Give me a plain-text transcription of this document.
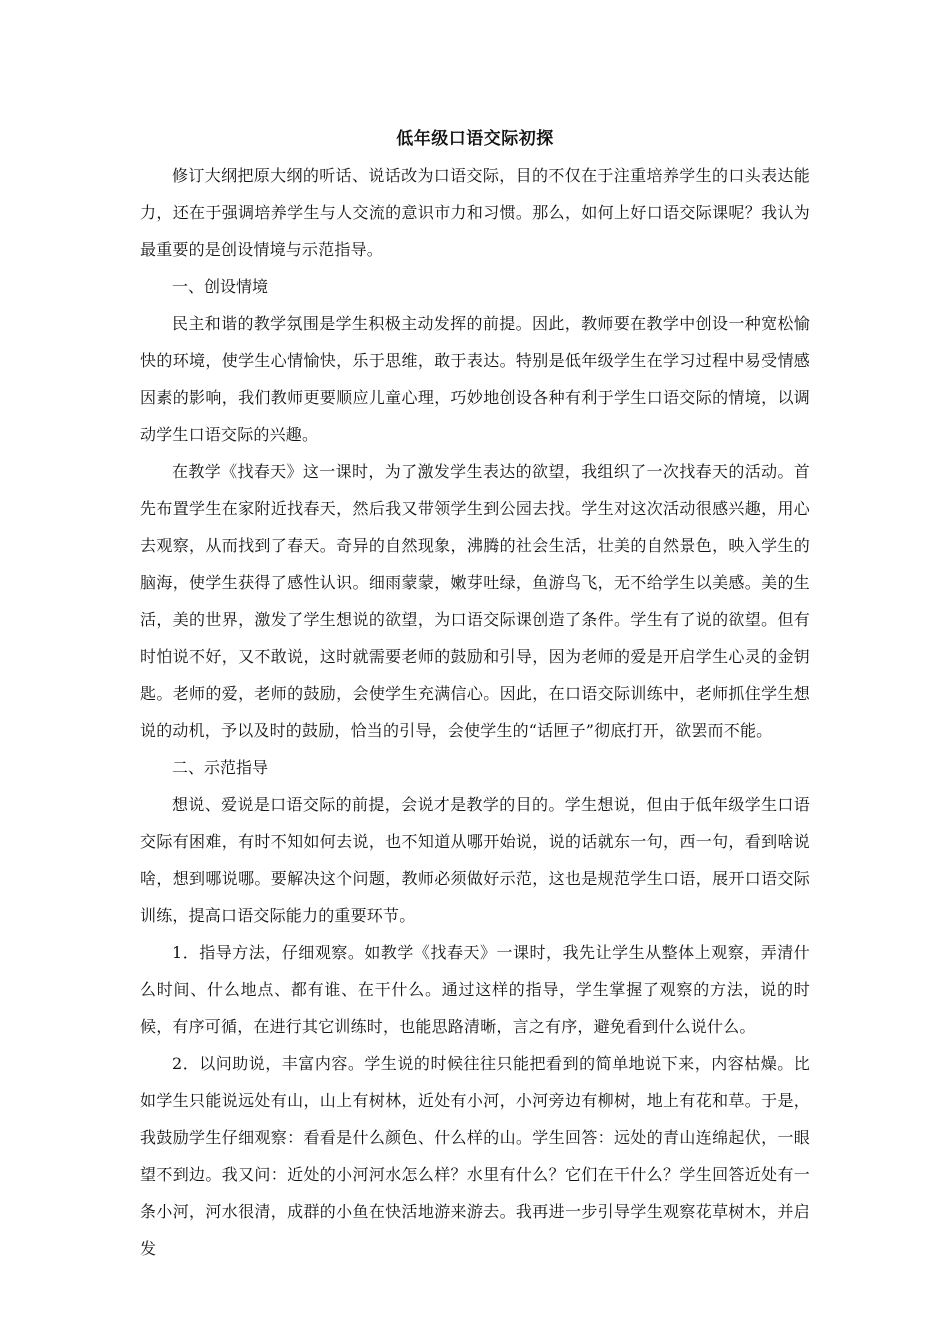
低年级口语交际初探

修订大纲把原大纲的听话、说话改为口语交际，目的不仅在于注重培养学生的口头表达能力，还在于强调培养学生与人交流的意识市力和习惯。那么，如何上好口语交际课呢？我认为最重要的是创设情境与示范指导。

一、创设情境

民主和谐的教学氛围是学生积极主动发挥的前提。因此，教师要在教学中创设一种宽松愉快的环境，使学生心情愉快，乐于思维，敢于表达。特别是低年级学生在学习过程中易受情感因素的影响，我们教师更要顺应儿童心理，巧妙地创设各种有利于学生口语交际的情境，以调动学生口语交际的兴趣。

在教学《找春天》这一课时，为了激发学生表达的欲望，我组织了一次找春天的活动。首先布置学生在家附近找春天，然后我又带领学生到公园去找。学生对这次活动很感兴趣，用心去观察，从而找到了春天。奇异的自然现象，沸腾的社会生活，壮美的自然景色，映入学生的脑海，使学生获得了感性认识。细雨蒙蒙，嫩芽吐绿，鱼游鸟飞，无不给学生以美感。美的生活，美的世界，激发了学生想说的欲望，为口语交际课创造了条件。学生有了说的欲望。但有时怕说不好，又不敢说，这时就需要老师的鼓励和引导，因为老师的爱是开启学生心灵的金钥匙。老师的爱，老师的鼓励，会使学生充满信心。因此，在口语交际训练中，老师抓住学生想说的动机，予以及时的鼓励，恰当的引导，会使学生的“话匣子”彻底打开，欲罢而不能。

二、示范指导

想说、爱说是口语交际的前提，会说才是教学的目的。学生想说，但由于低年级学生口语交际有困难，有时不知如何去说，也不知道从哪开始说，说的话就东一句，西一句，看到啥说啥，想到哪说哪。要解决这个问题，教师必须做好示范，这也是规范学生口语，展开口语交际训练，提高口语交际能力的重要环节。

1．指导方法，仔细观察。如教学《找春天》一课时，我先让学生从整体上观察，弄清什么时间、什么地点、都有谁、在干什么。通过这样的指导，学生掌握了观察的方法，说的时候，有序可循，在进行其它训练时，也能思路清晰，言之有序，避免看到什么说什么。

2．以问助说，丰富内容。学生说的时候往往只能把看到的简单地说下来，内容枯燥。比如学生只能说远处有山，山上有树林，近处有小河，小河旁边有柳树，地上有花和草。于是，我鼓励学生仔细观察：看看是什么颜色、什么样的山。学生回答：远处的青山连绵起伏，一眼望不到边。我又问：近处的小河河水怎么样？水里有什么？它们在干什么？学生回答近处有一条小河，河水很清，成群的小鱼在快活地游来游去。我再进一步引导学生观察花草树木，并启发
